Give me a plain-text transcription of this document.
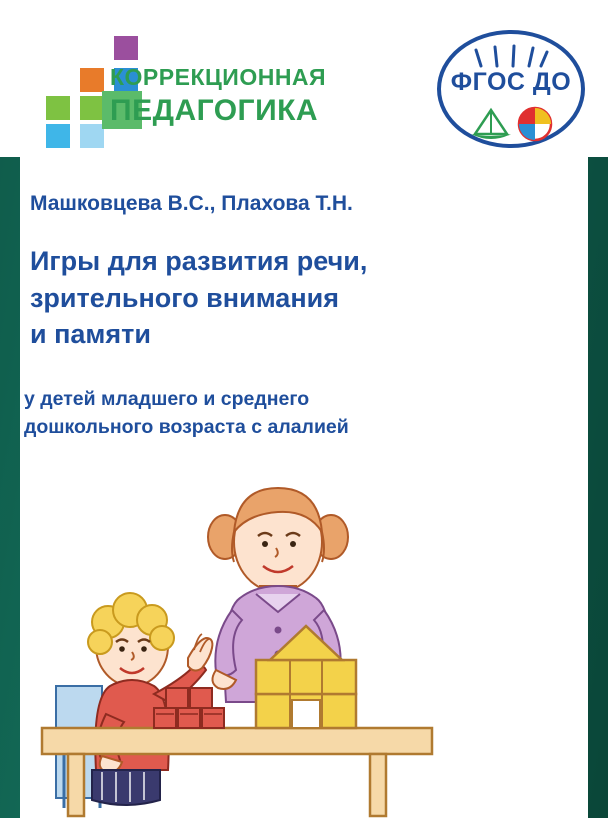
КОРРЕКЦИОННАЯ
ПЕДАГОГИКА
ФГОС ДО
Машковцева В.С., Плахова Т.Н.
Игры для развития речи,
зрительного внимания
и памяти
у детей младшего и среднего
дошкольного возраста с алалией
ВЛАДОС
